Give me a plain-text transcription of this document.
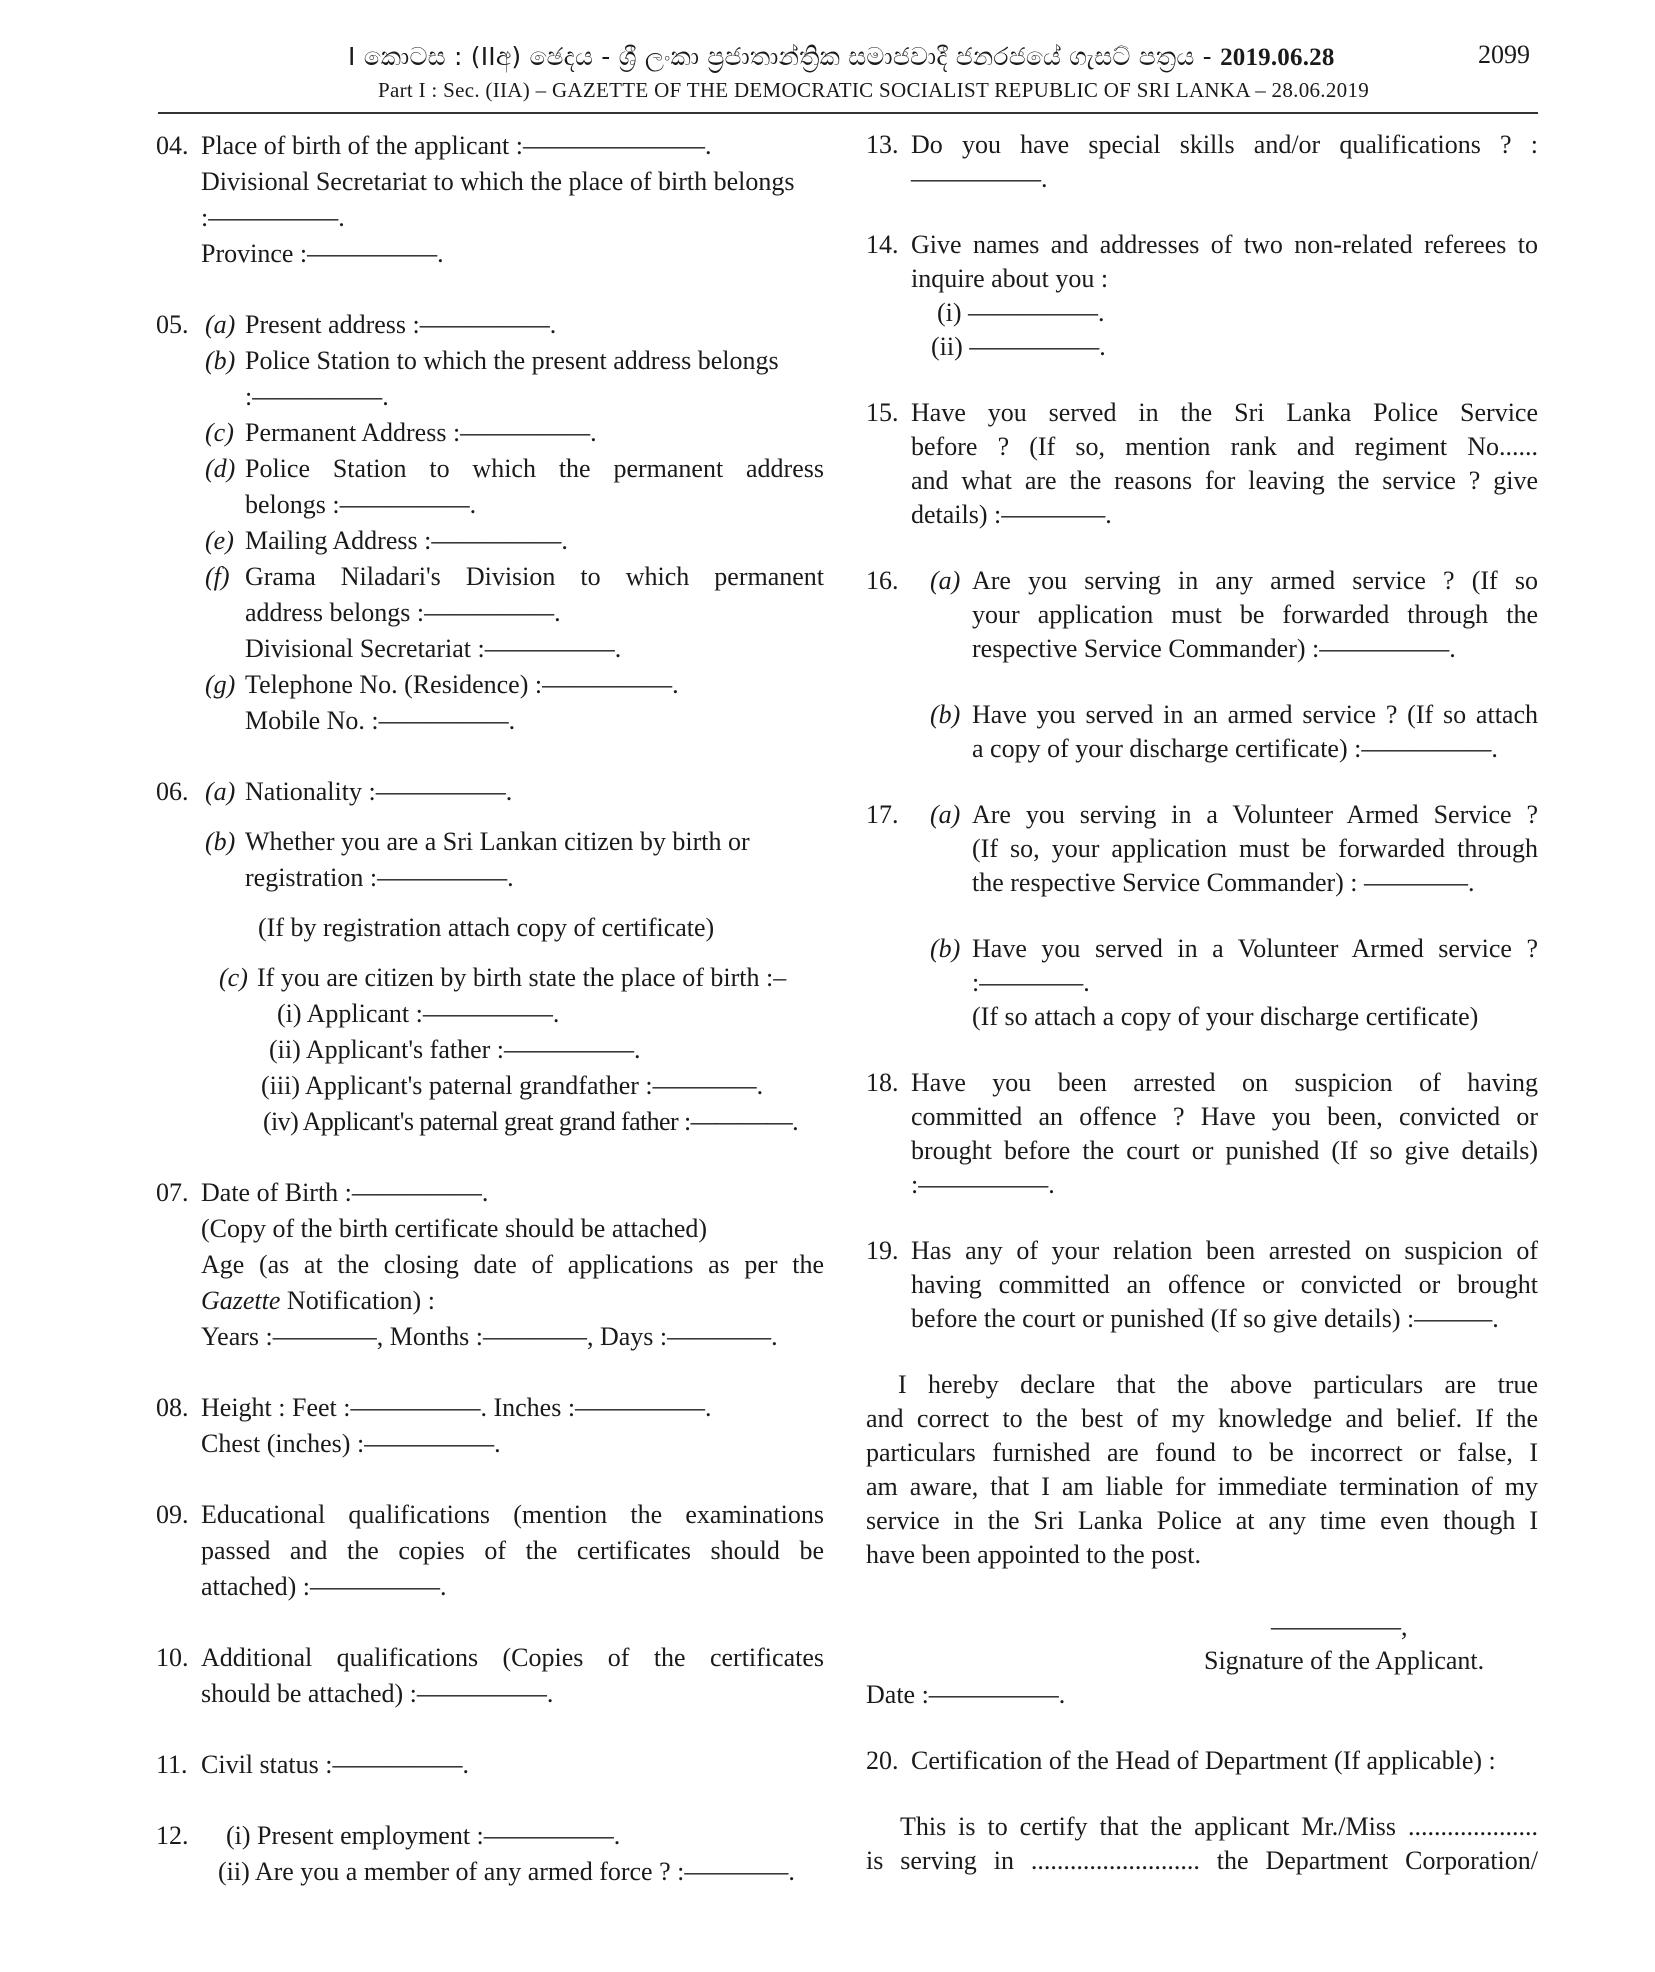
I කොටස : (IIඅ) ඡෙදය - ශ්‍රී ලංකා ප්‍රජාතාන්ත්‍රික සමාජවාදී ජනරජයේ ගැසට් පත්‍රය - 2019.06.28	2099
Part I : Sec. (IIA) – GAZETTE OF THE DEMOCRATIC SOCIALIST REPUBLIC OF SRI LANKA – 28.06.2019
04. Place of birth of the applicant :———————.

Divisional Secretariat to which the place of birth belongs

:—————.

Province :—————.

05. (a) Present address :—————.

(b) Police Station to which the present address belongs

:—————.

(c) Permanent Address :—————.

(d) Police Station to which the permanent address

belongs :—————.

(e) Mailing Address :—————.

(f) Grama Niladari's Division to which permanent

address belongs :—————.

Divisional Secretariat :—————.

(g) Telephone No. (Residence) :—————.

Mobile No. :—————.

06. (a) Nationality :—————.

(b) Whether you are a Sri Lankan citizen by birth or

registration :—————.

(If by registration attach copy of certificate)

(c) If you are citizen by birth state the place of birth :–

(i) Applicant :—————.

(ii) Applicant's father :—————.

(iii) Applicant's paternal grandfather :————.

(iv) Applicant's paternal great grand father :————.

07. Date of Birth :—————.

(Copy of the birth certificate should be attached)

Age (as at the closing date of applications as per the

Gazette Notification) :

Years :————, Months :————, Days :————.

08. Height : Feet :—————. Inches :—————.

Chest (inches) :—————.

09. Educational qualifications (mention the examinations

passed and the copies of the certificates should be

attached) :—————.

10. Additional qualifications (Copies of the certificates

should be attached) :—————.

11. Civil status :—————.

12. (i) Present employment :—————.

(ii) Are you a member of any armed force ? :————.

13. Do you have special skills and/or qualifications ? :

—————.

14. Give names and addresses of two non-related referees to

inquire about you :

(i) —————.

(ii) —————.

15. Have you served in the Sri Lanka Police Service

before ? (If so, mention rank and regiment No......

and what are the reasons for leaving the service ? give

details) :————.

16. (a) Are you serving in any armed service ? (If so

your application must be forwarded through the

respective Service Commander) :—————.

(b) Have you served in an armed service ? (If so attach

a copy of your discharge certificate) :—————.

17. (a) Are you serving in a Volunteer Armed Service ?

(If so, your application must be forwarded through

the respective Service Commander) : ————.

(b) Have you served in a Volunteer Armed service ?

:————.

(If so attach a copy of your discharge certificate)

18. Have you been arrested on suspicion of having

committed an offence ? Have you been, convicted or

brought before the court or punished (If so give details)

:—————.

19. Has any of your relation been arrested on suspicion of

having committed an offence or convicted or brought

before the court or punished (If so give details) :———.

I hereby declare that the above particulars are true

and correct to the best of my knowledge and belief. If the

particulars furnished are found to be incorrect or false, I

am aware, that I am liable for immediate termination of my

service in the Sri Lanka Police at any time even though I

have been appointed to the post.

—————,

Signature of the Applicant.

Date :—————.

20. Certification of the Head of Department (If applicable) :

This is to certify that the applicant Mr./Miss ....................

is serving in .......................... the Department Corporation/
